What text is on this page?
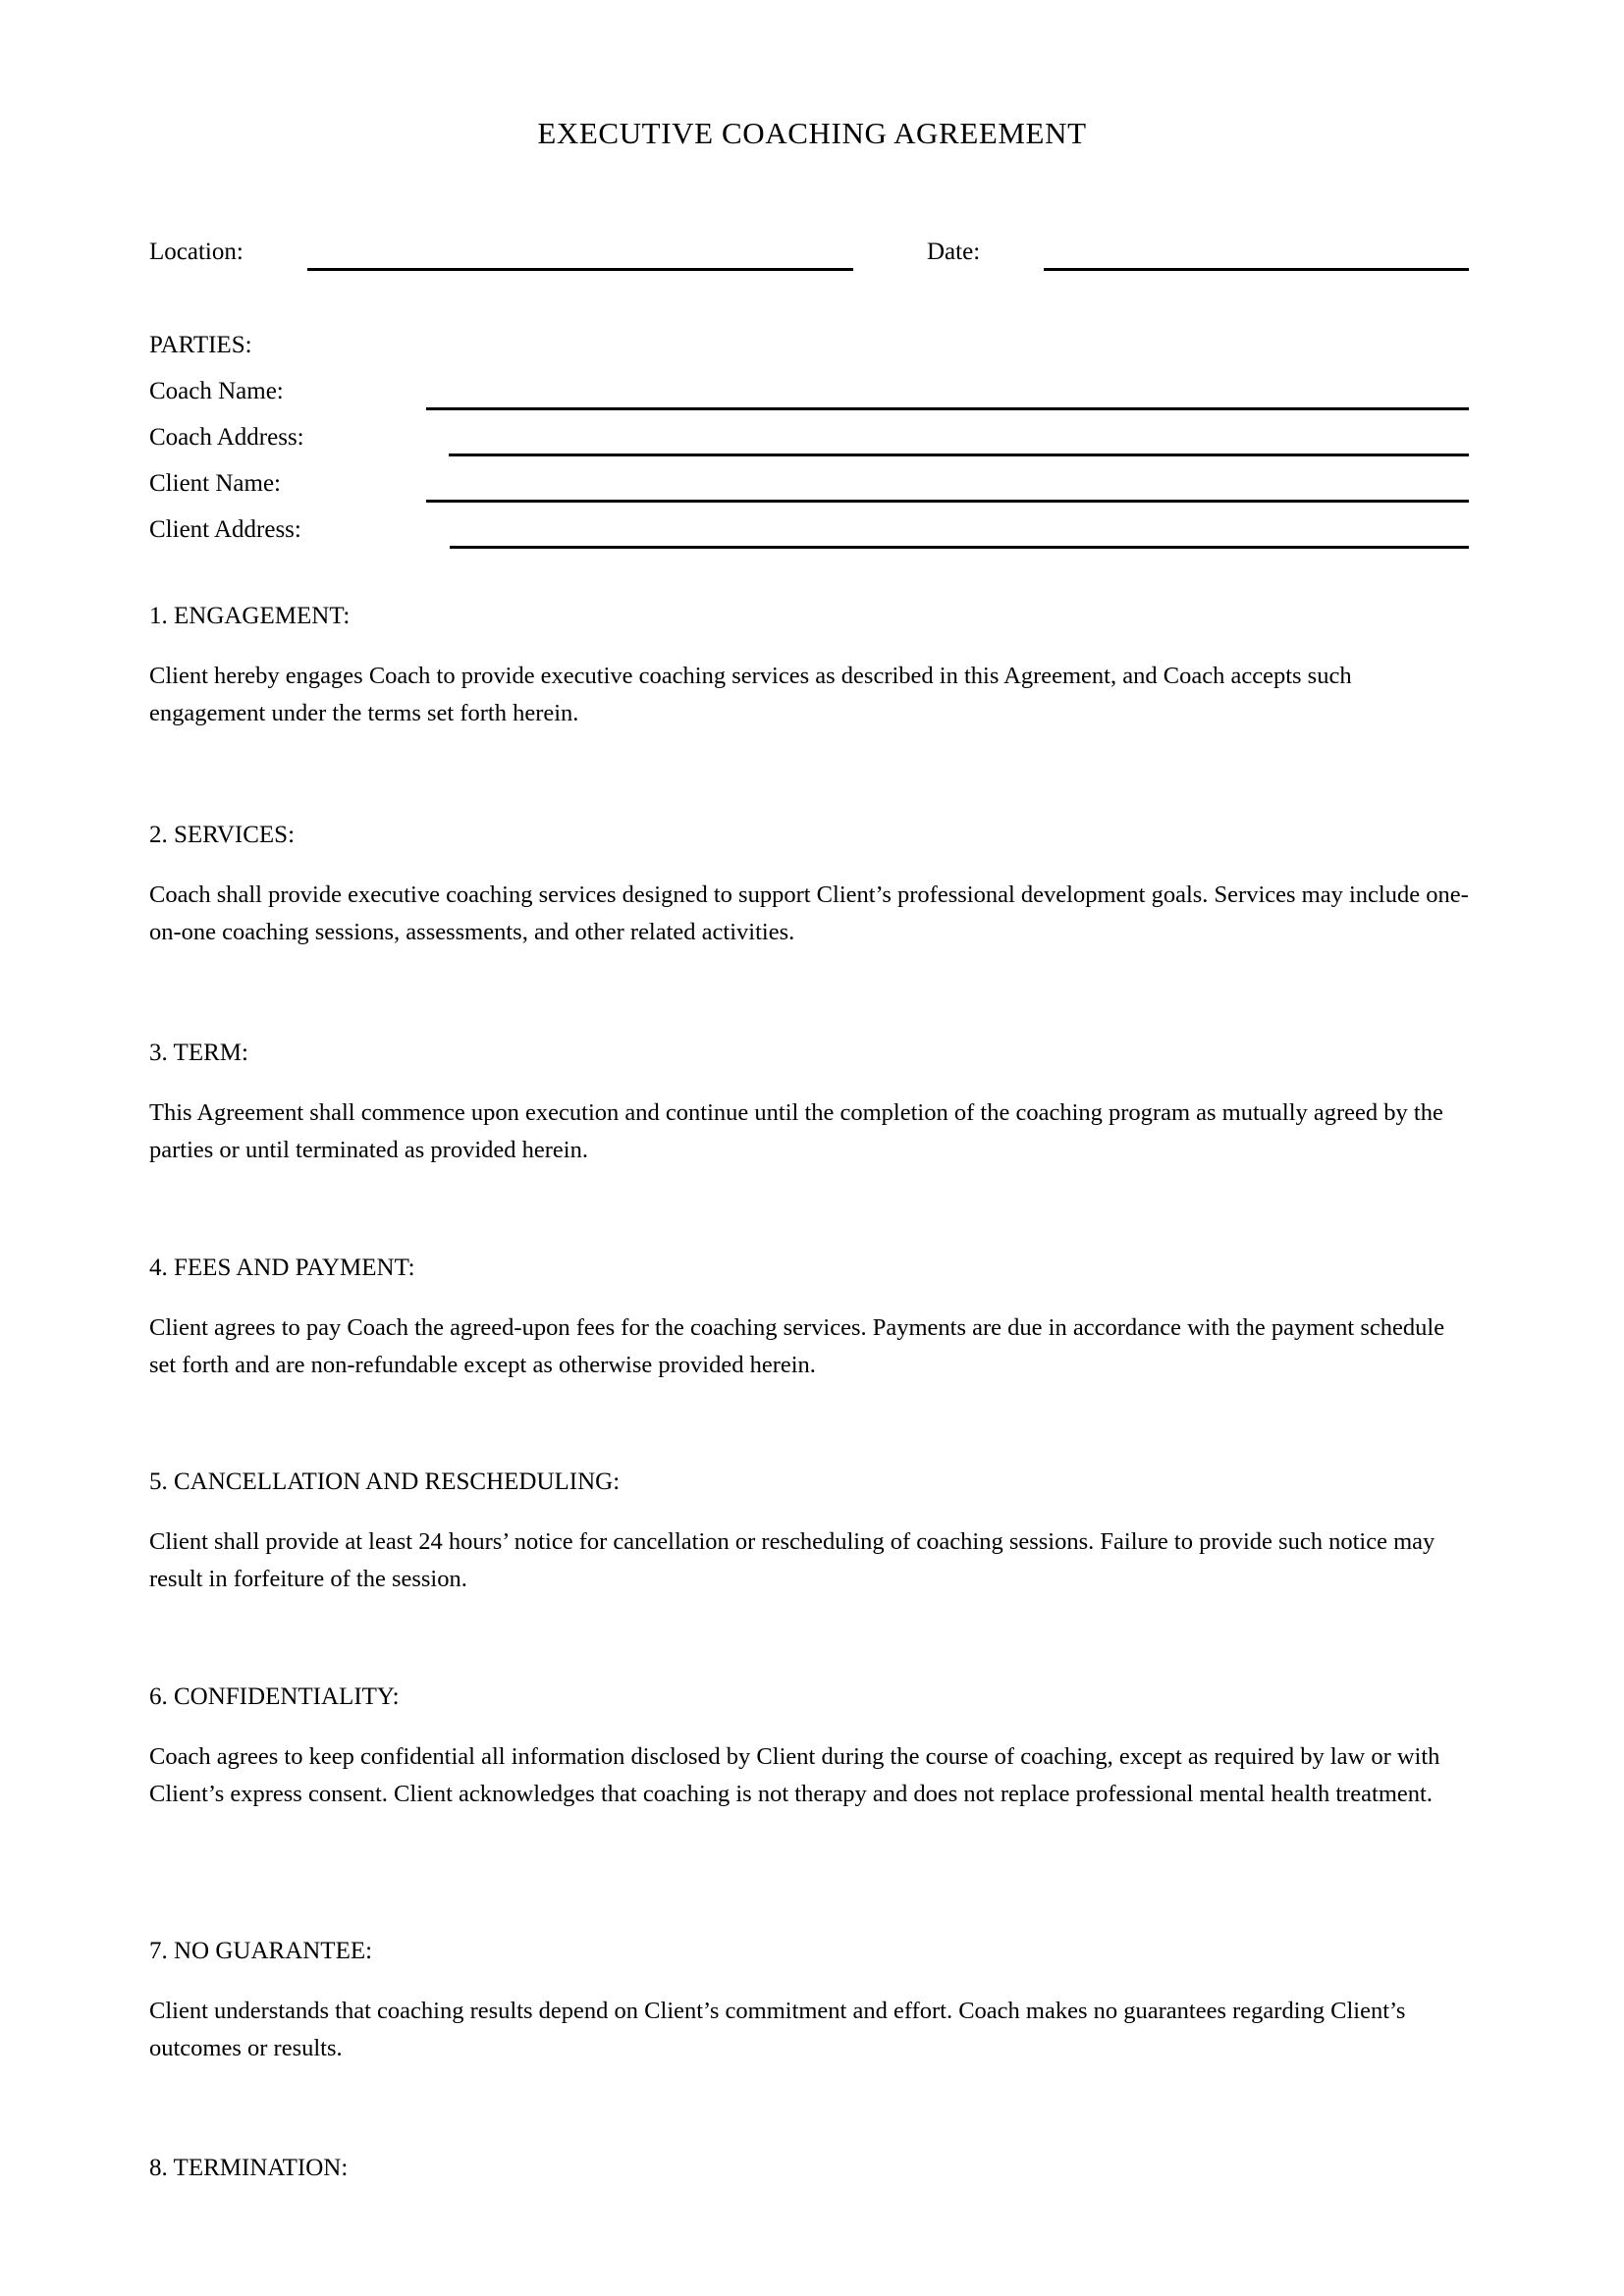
EXECUTIVE COACHING AGREEMENT
Location:	Date:
PARTIES:
Coach Name:
Coach Address:
Client Name:
Client Address:

1. ENGAGEMENT:

Client hereby engages Coach to provide executive coaching services as described in this Agreement, and Coach accepts such engagement under the terms set forth herein.

2. SERVICES:

Coach shall provide executive coaching services designed to support Client’s professional development goals. Services may include one-on-one coaching sessions, assessments, and other related activities.

3. TERM:

This Agreement shall commence upon execution and continue until the completion of the coaching program as mutually agreed by the parties or until terminated as provided herein.

4. FEES AND PAYMENT:

Client agrees to pay Coach the agreed-upon fees for the coaching services. Payments are due in accordance with the payment schedule set forth and are non-refundable except as otherwise provided herein.

5. CANCELLATION AND RESCHEDULING:

Client shall provide at least 24 hours’ notice for cancellation or rescheduling of coaching sessions. Failure to provide such notice may result in forfeiture of the session.

6. CONFIDENTIALITY:

Coach agrees to keep confidential all information disclosed by Client during the course of coaching, except as required by law or with Client’s express consent. Client acknowledges that coaching is not therapy and does not replace professional mental health treatment.

7. NO GUARANTEE:

Client understands that coaching results depend on Client’s commitment and effort. Coach makes no guarantees regarding Client’s outcomes or results.

8. TERMINATION:
